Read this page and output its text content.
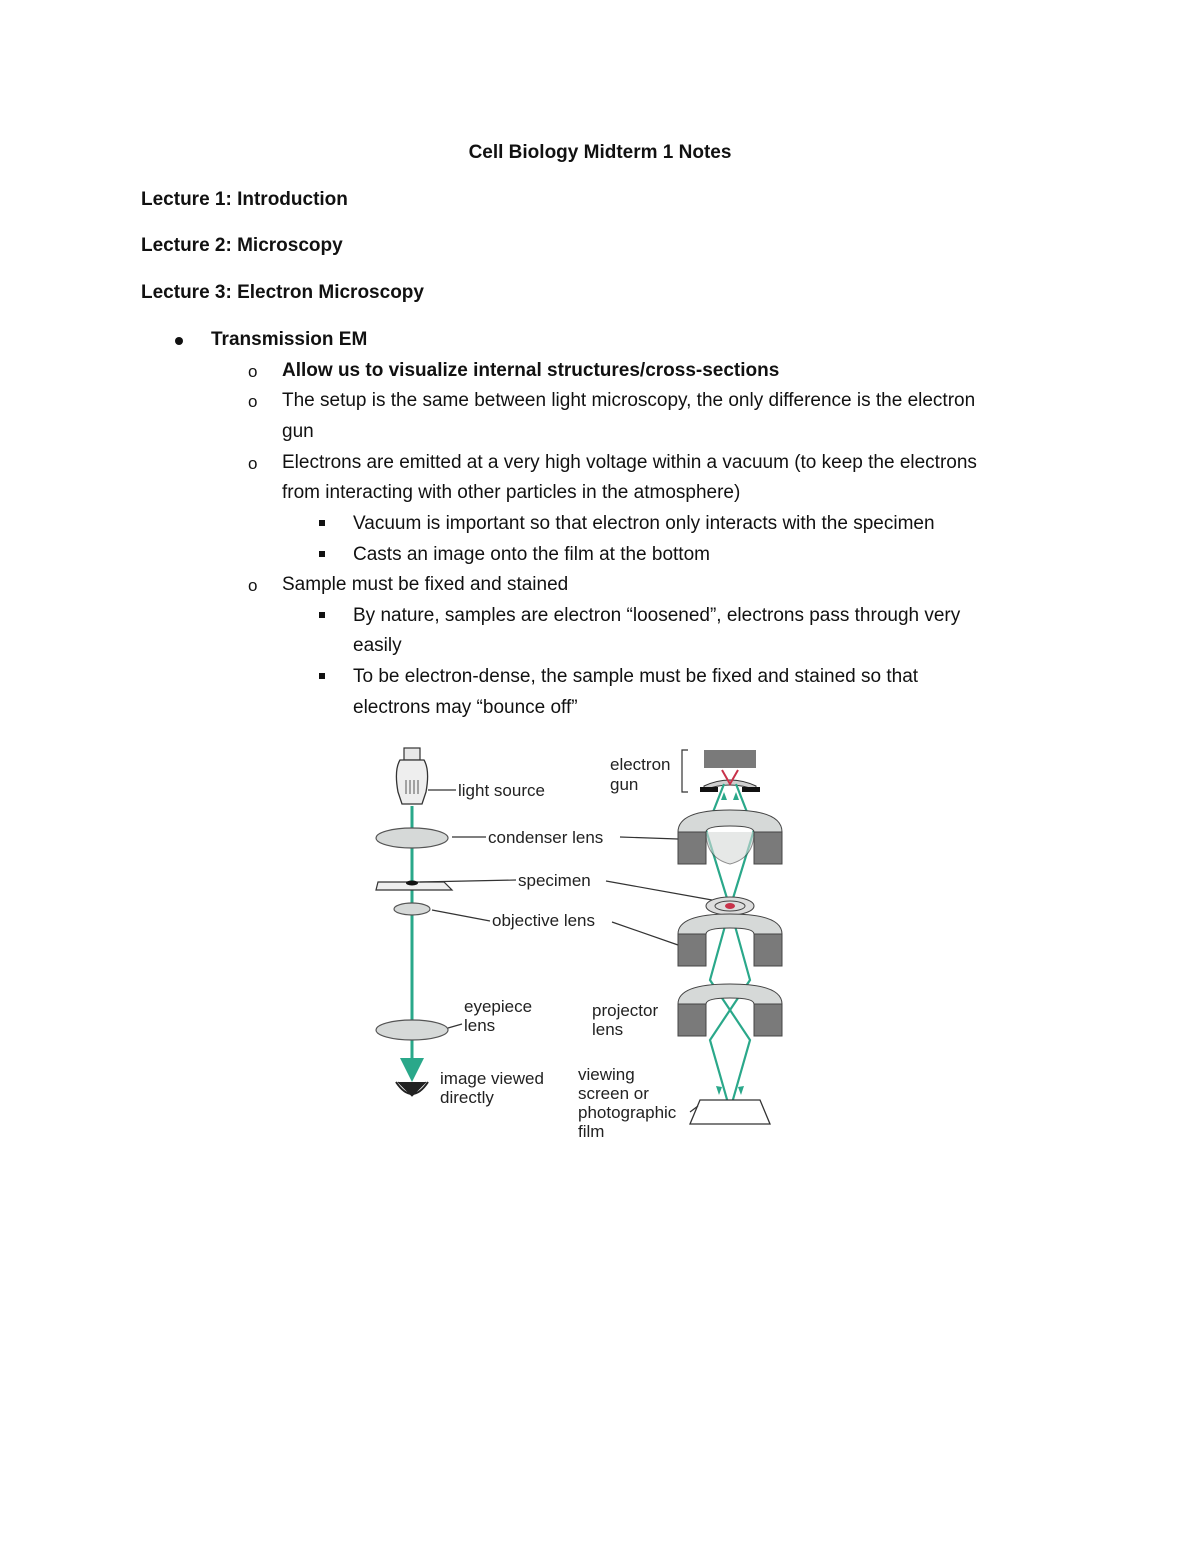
Cell Biology Midterm 1 Notes
Lecture 1: Introduction
Lecture 2: Microscopy
Lecture 3: Electron Microscopy
Transmission EM
o Allow us to visualize internal structures/cross-sections
o The setup is the same between light microscopy, the only difference is the electron
gun
o Electrons are emitted at a very high voltage within a vacuum (to keep the electrons
from interacting with other particles in the atmosphere)
Vacuum is important so that electron only interacts with the specimen
Casts an image onto the film at the bottom
o Sample must be fixed and stained
By nature, samples are electron “loosened”, electrons pass through very
easily
To be electron-dense, the sample must be fixed and stained so that
electrons may “bounce off”
light source
condenser lens
specimen
objective lens
eyepiece
lens
image viewed
directly
electron
gun
projector
lens
viewing
screen or
photographic
film
